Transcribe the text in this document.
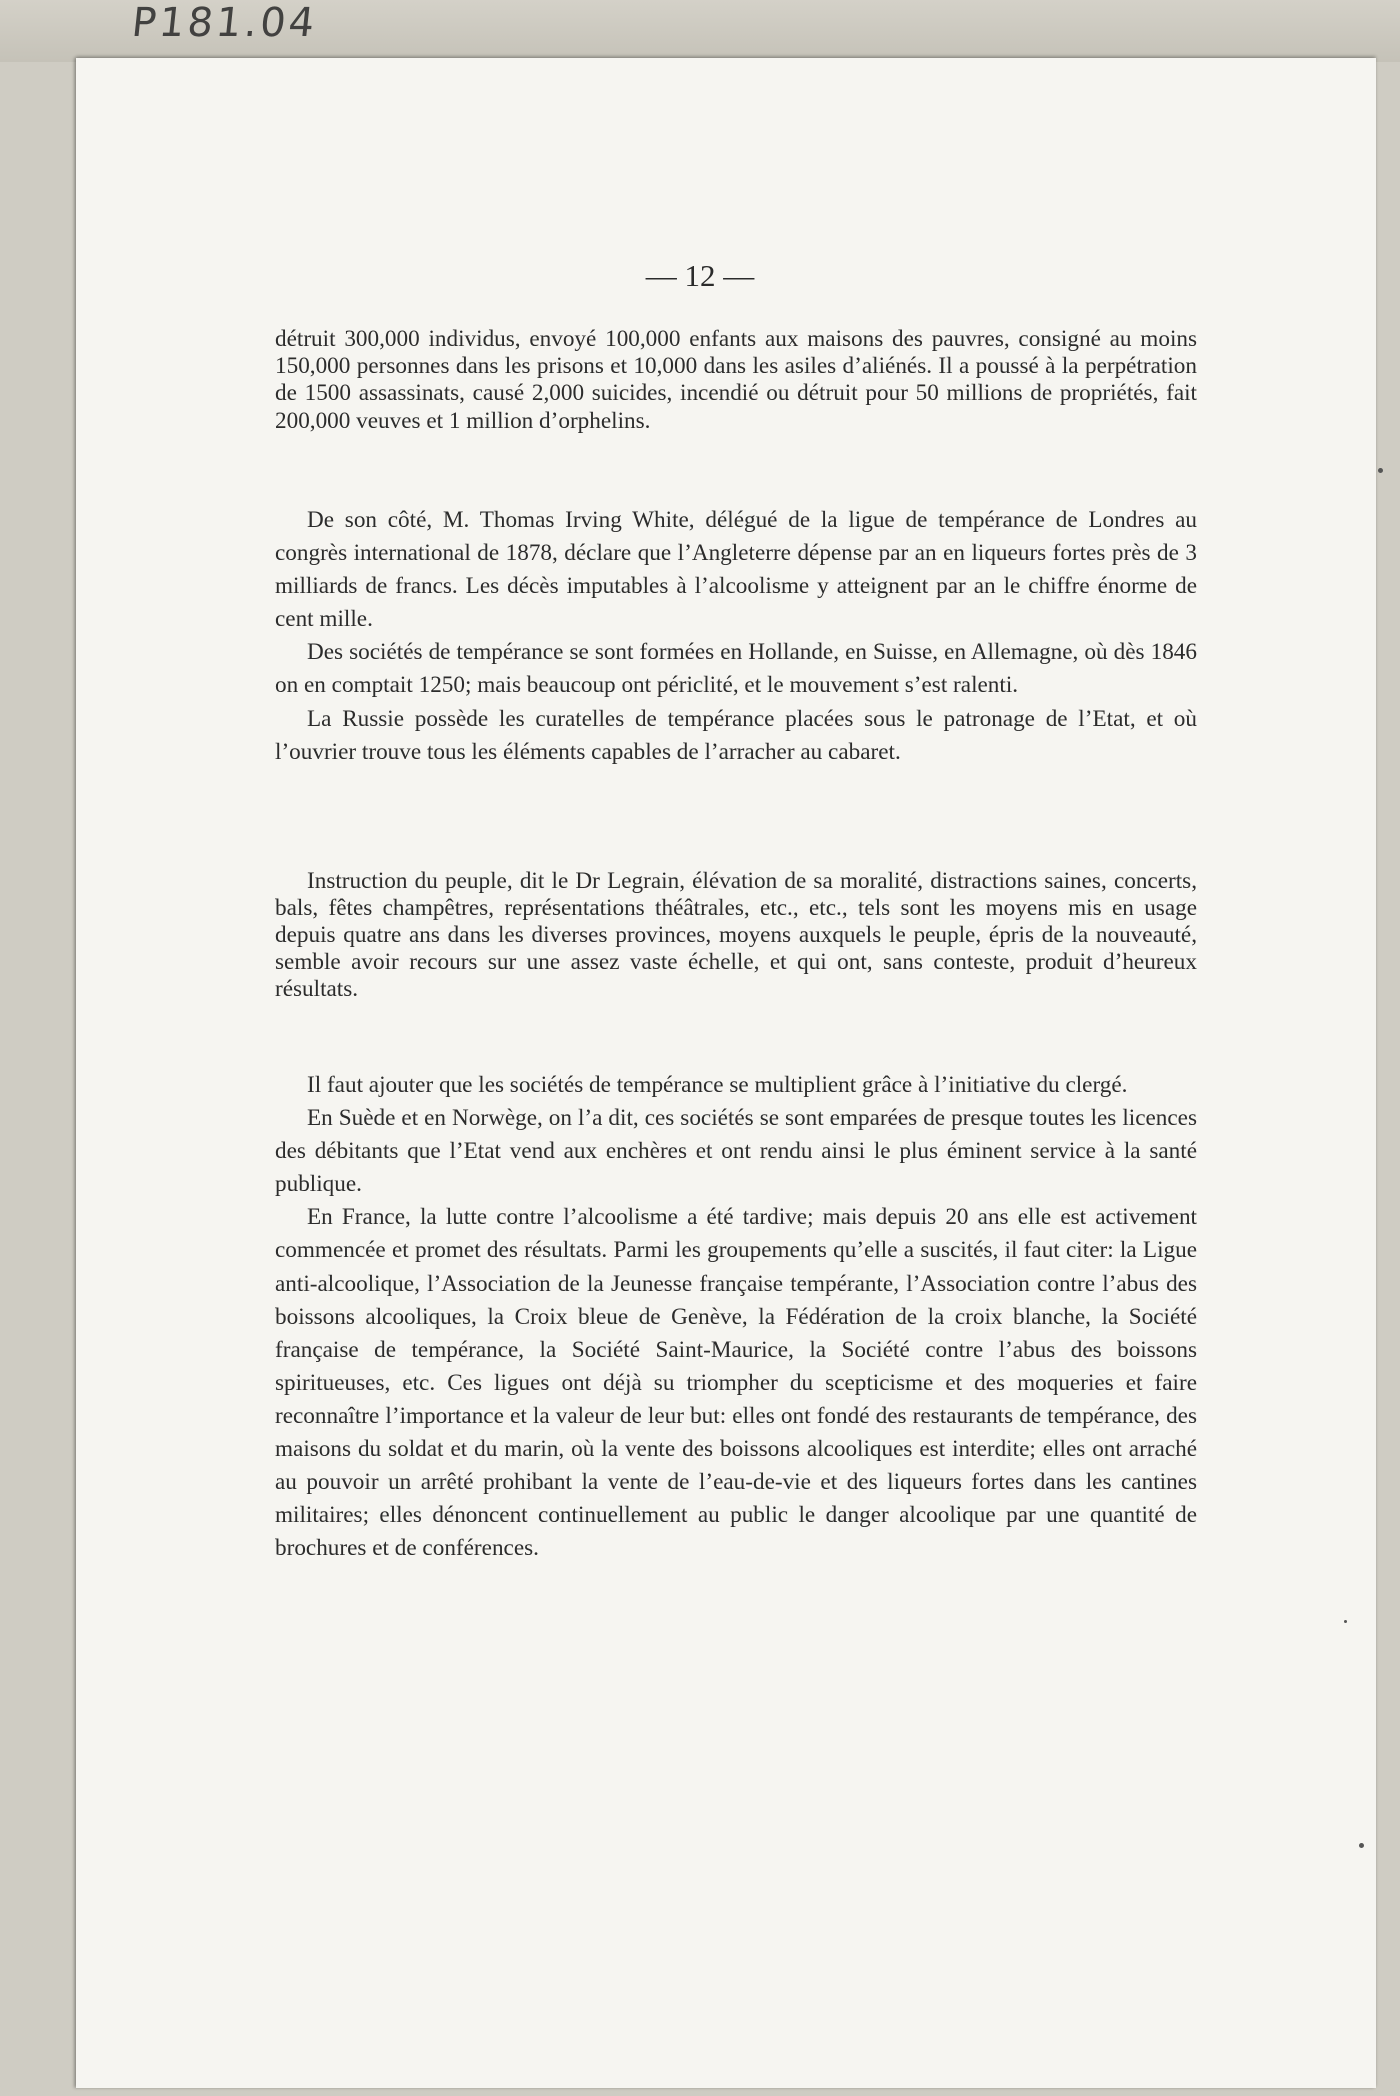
P181.04
— 12 —

détruit 300,000 individus, envoyé 100,000 enfants aux maisons des pauvres, consigné au moins 150,000 personnes dans les prisons et 10,000 dans les asiles d’aliénés. Il a poussé à la perpétration de 1500 assassinats, causé 2,000 suicides, incendié ou détruit pour 50 millions de propriétés, fait 200,000 veuves et 1 million d’orphelins.

De son côté, M. Thomas Irving White, délégué de la ligue de tempérance de Londres au congrès international de 1878, déclare que l’Angleterre dépense par an en liqueurs fortes près de 3 milliards de francs. Les décès imputables à l’alcoolisme y atteignent par an le chiffre énorme de cent mille.

Des sociétés de tempérance se sont formées en Hollande, en Suisse, en Allemagne, où dès 1846 on en comptait 1250; mais beaucoup ont périclité, et le mouvement s’est ralenti.

La Russie possède les curatelles de tempérance placées sous le patronage de l’Etat, et où l’ouvrier trouve tous les éléments capables de l’arracher au cabaret.

Instruction du peuple, dit le Dr Legrain, élévation de sa moralité, distractions saines, concerts, bals, fêtes champêtres, représentations théâtrales, etc., etc., tels sont les moyens mis en usage depuis quatre ans dans les diverses provinces, moyens auxquels le peuple, épris de la nouveauté, semble avoir recours sur une assez vaste échelle, et qui ont, sans conteste, produit d’heureux résultats.

Il faut ajouter que les sociétés de tempérance se multiplient grâce à l’initiative du clergé.

En Suède et en Norwège, on l’a dit, ces sociétés se sont emparées de presque toutes les licences des débitants que l’Etat vend aux enchères et ont rendu ainsi le plus éminent service à la santé publique.

En France, la lutte contre l’alcoolisme a été tardive; mais depuis 20 ans elle est activement commencée et promet des résultats. Parmi les groupements qu’elle a suscités, il faut citer: la Ligue anti-alcoolique, l’Association de la Jeunesse française tempérante, l’Association contre l’abus des boissons alcooliques, la Croix bleue de Genève, la Fédération de la croix blanche, la Société française de tempérance, la Société Saint-Maurice, la Société contre l’abus des boissons spiritueuses, etc. Ces ligues ont déjà su triompher du scepticisme et des moqueries et faire reconnaître l’importance et la valeur de leur but: elles ont fondé des restaurants de tempérance, des maisons du soldat et du marin, où la vente des boissons alcooliques est interdite; elles ont arraché au pouvoir un arrêté prohibant la vente de l’eau-de-vie et des liqueurs fortes dans les cantines militaires; elles dénoncent continuellement au public le danger alcoolique par une quantité de brochures et de conférences.
